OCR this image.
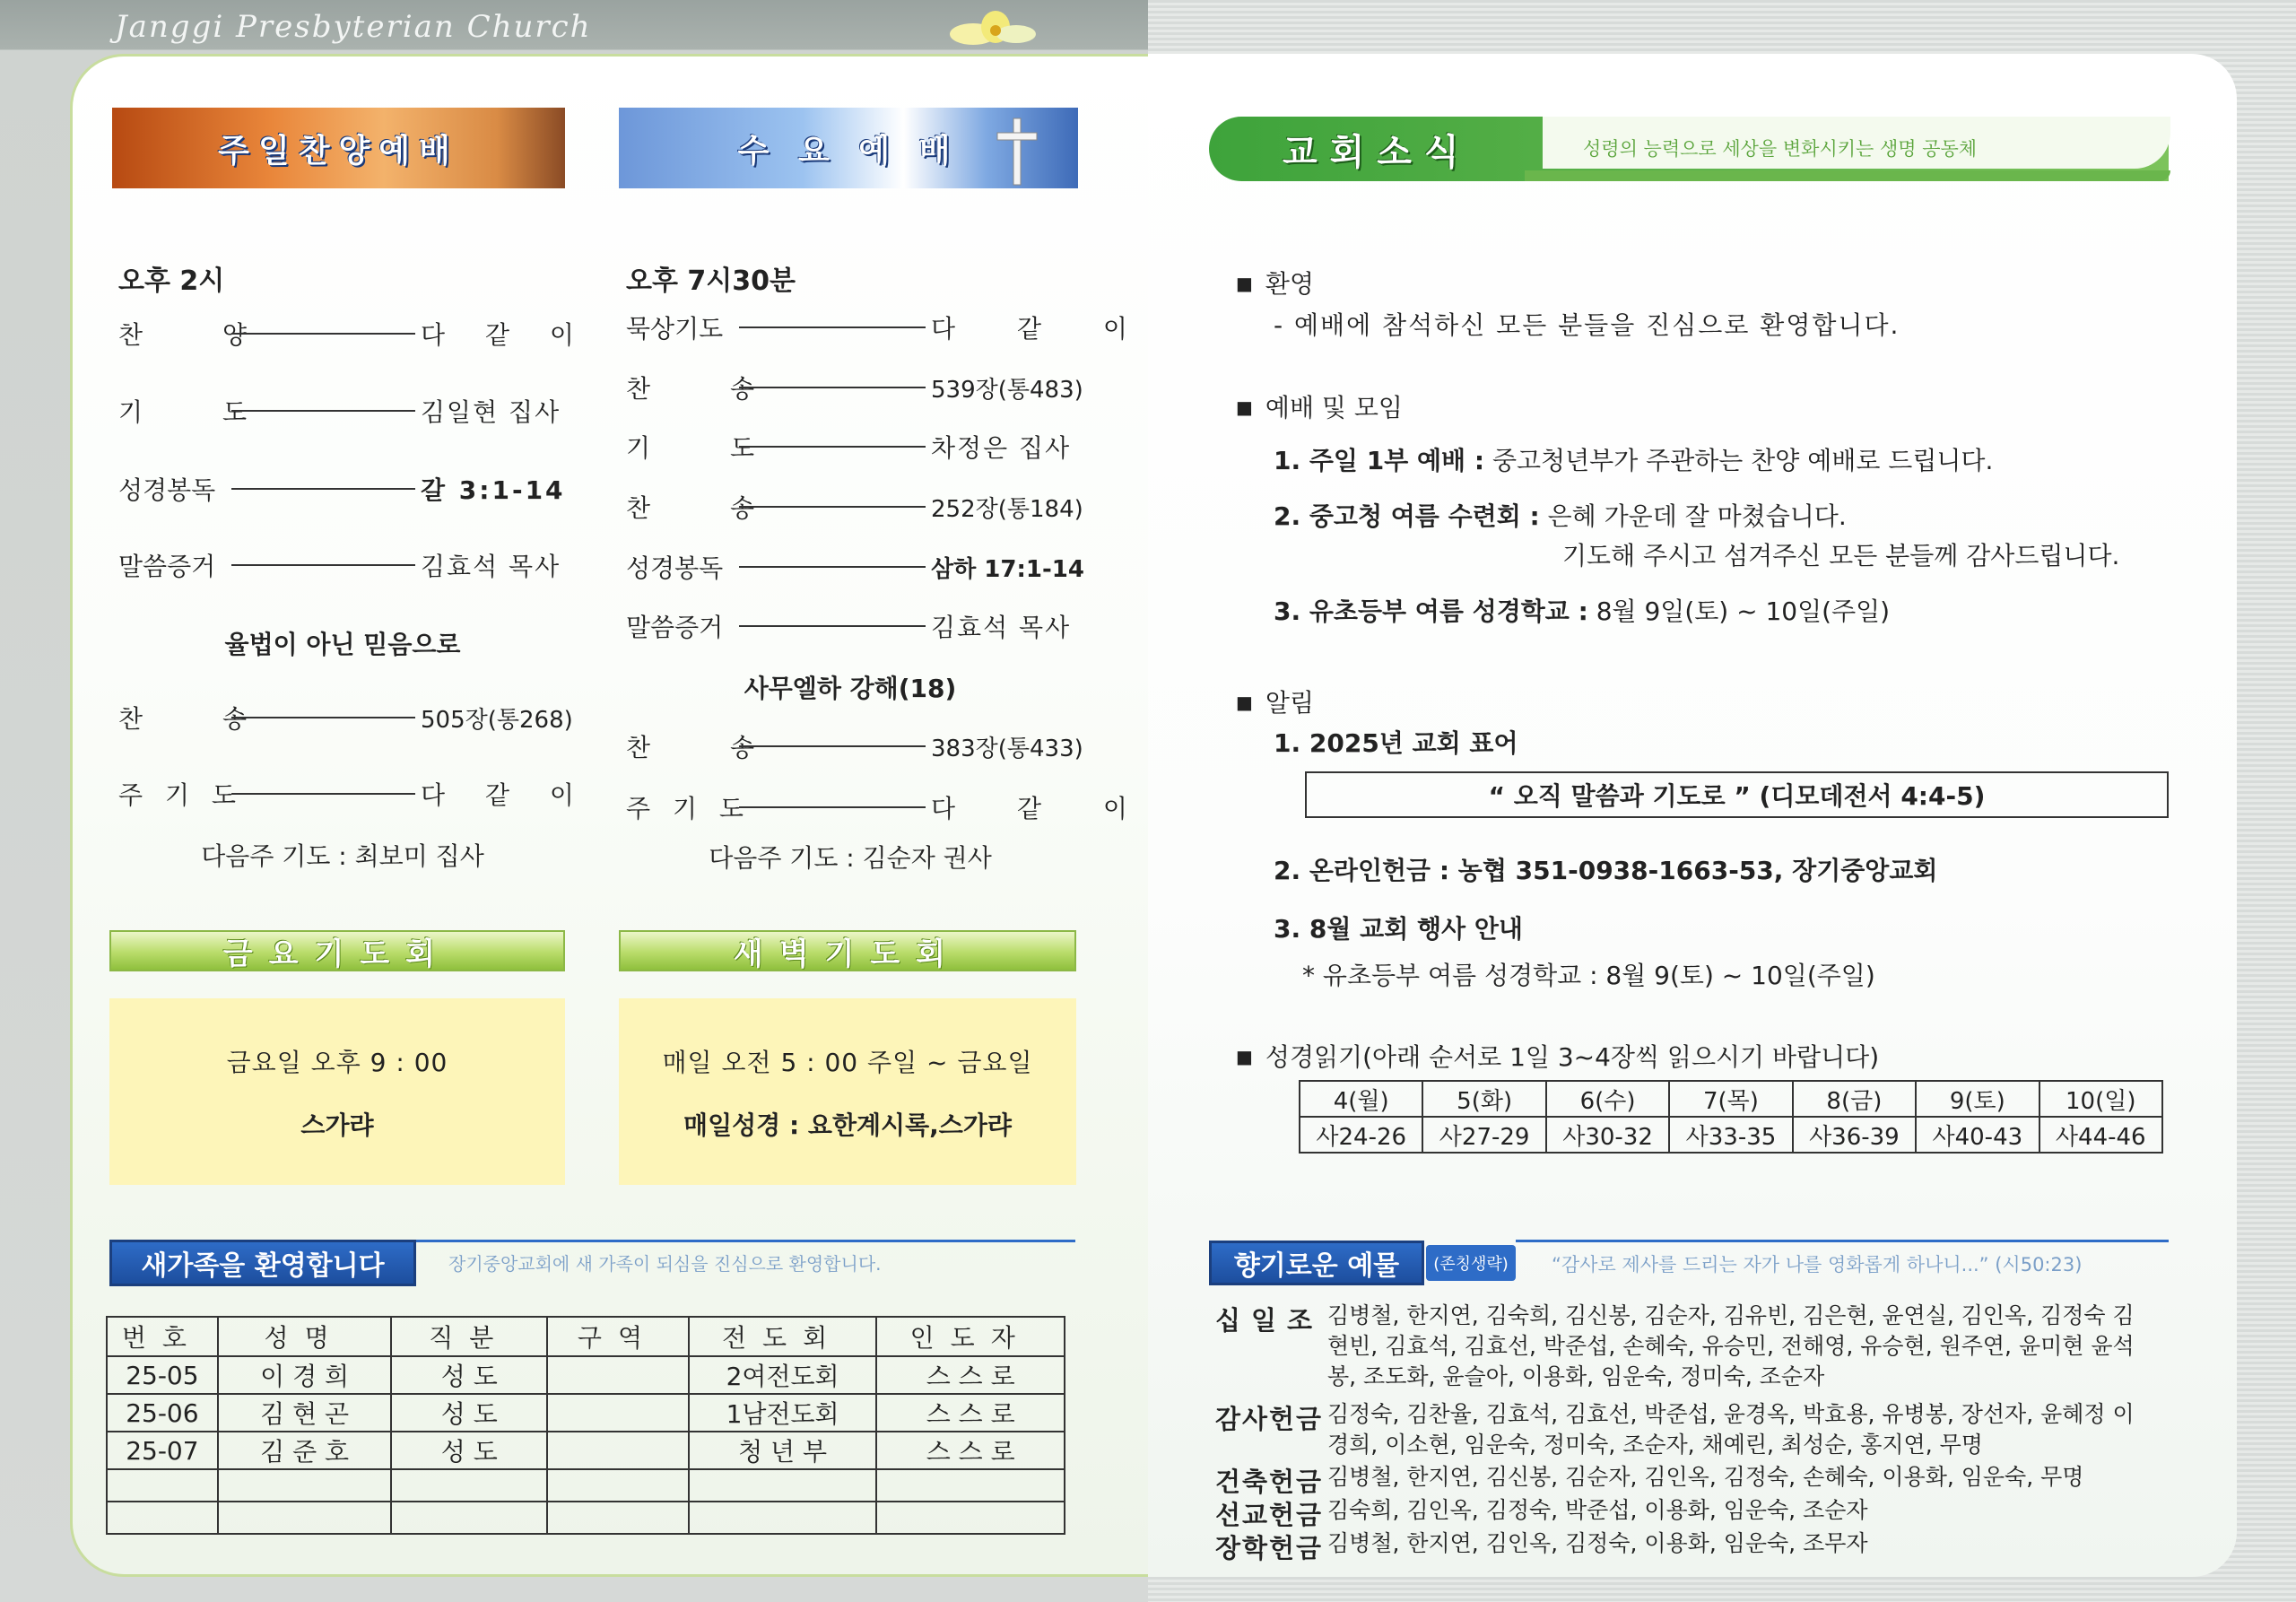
Janggi Presbyterian Church
주일찬양예배
오후 2시
찬 양	다 같 이
기 도	김일현 집사
성경봉독	갈 3:1-14
말씀증거	김효석 목사
율법이 아닌 믿음으로
찬 송	505장(통268)
주 기 도	다 같 이
다음주 기도 : 최보미 집사
수 요 예 배
오후 7시30분
묵상기도	다 같 이
찬 송	539장(통483)
기 도	차정은 집사
찬 송	252장(통184)
성경봉독	삼하 17:1-14
말씀증거	김효석 목사
사무엘하 강해(18)
찬 송	383장(통433)
주 기 도	다 같 이
다음주 기도 : 김순자 권사
금요기도회	새벽기도회
금요일 오후 9 : 00
스가랴
매일 오전 5 : 00 주일 ~ 금요일
매일성경 : 요한계시록,스가랴
새가족을 환영합니다	장기중앙교회에 새 가족이 되심을 진심으로 환영합니다.
번호	성명	직분	구역	전도회	인도자
25-05	이 경 희	성 도		2여전도회	스 스 로
25-06	김 현 곤	성 도		1남전도회	스 스 로
25-07	김 준 호	성 도		청 년 부	스 스 로

교회소식	성령의 능력으로 세상을 변화시키는 생명 공동체
■ 환영
- 예배에 참석하신 모든 분들을 진심으로 환영합니다.
■ 예배 및 모임
1. 주일 1부 예배 : 중고청년부가 주관하는 찬양 예배로 드립니다.
2. 중고청 여름 수련회 : 은혜 가운데 잘 마쳤습니다.
기도해 주시고 섬겨주신 모든 분들께 감사드립니다.
3. 유초등부 여름 성경학교 : 8월 9일(토) ~ 10일(주일)
■ 알림
1. 2025년 교회 표어
“ 오직 말씀과 기도로 ” (디모데전서 4:4-5)
2. 온라인헌금 : 농협 351-0938-1663-53, 장기중앙교회
3. 8월 교회 행사 안내
* 유초등부 여름 성경학교 : 8월 9(토) ~ 10일(주일)
■ 성경읽기(아래 순서로 1일 3~4장씩 읽으시기 바랍니다)
4(월)	5(화)	6(수)	7(목)	8(금)	9(토)	10(일)
사24-26	사27-29	사30-32	사33-35	사36-39	사40-43	사44-46
향기로운 예물	(존칭생략)	“감사로 제사를 드리는 자가 나를 영화롭게 하나니...” (시50:23)
십일조 김병철, 한지연, 김숙희, 김신봉, 김순자, 김유빈, 김은현, 윤연실, 김인옥, 김정숙 김현빈, 김효석, 김효선, 박준섭, 손혜숙, 유승민, 전해영, 유승현, 원주연, 윤미현 윤석봉, 조도화, 윤슬아, 이용화, 임운숙, 정미숙, 조순자
감사헌금 김정숙, 김찬율, 김효석, 김효선, 박준섭, 윤경옥, 박효용, 유병봉, 장선자, 윤혜정 이경희, 이소현, 임운숙, 정미숙, 조순자, 채예린, 최성순, 홍지연, 무명
건축헌금 김병철, 한지연, 김신봉, 김순자, 김인옥, 김정숙, 손혜숙, 이용화, 임운숙, 무명
선교헌금 김숙희, 김인옥, 김정숙, 박준섭, 이용화, 임운숙, 조순자
장학헌금 김병철, 한지연, 김인옥, 김정숙, 이용화, 임운숙, 조무자
